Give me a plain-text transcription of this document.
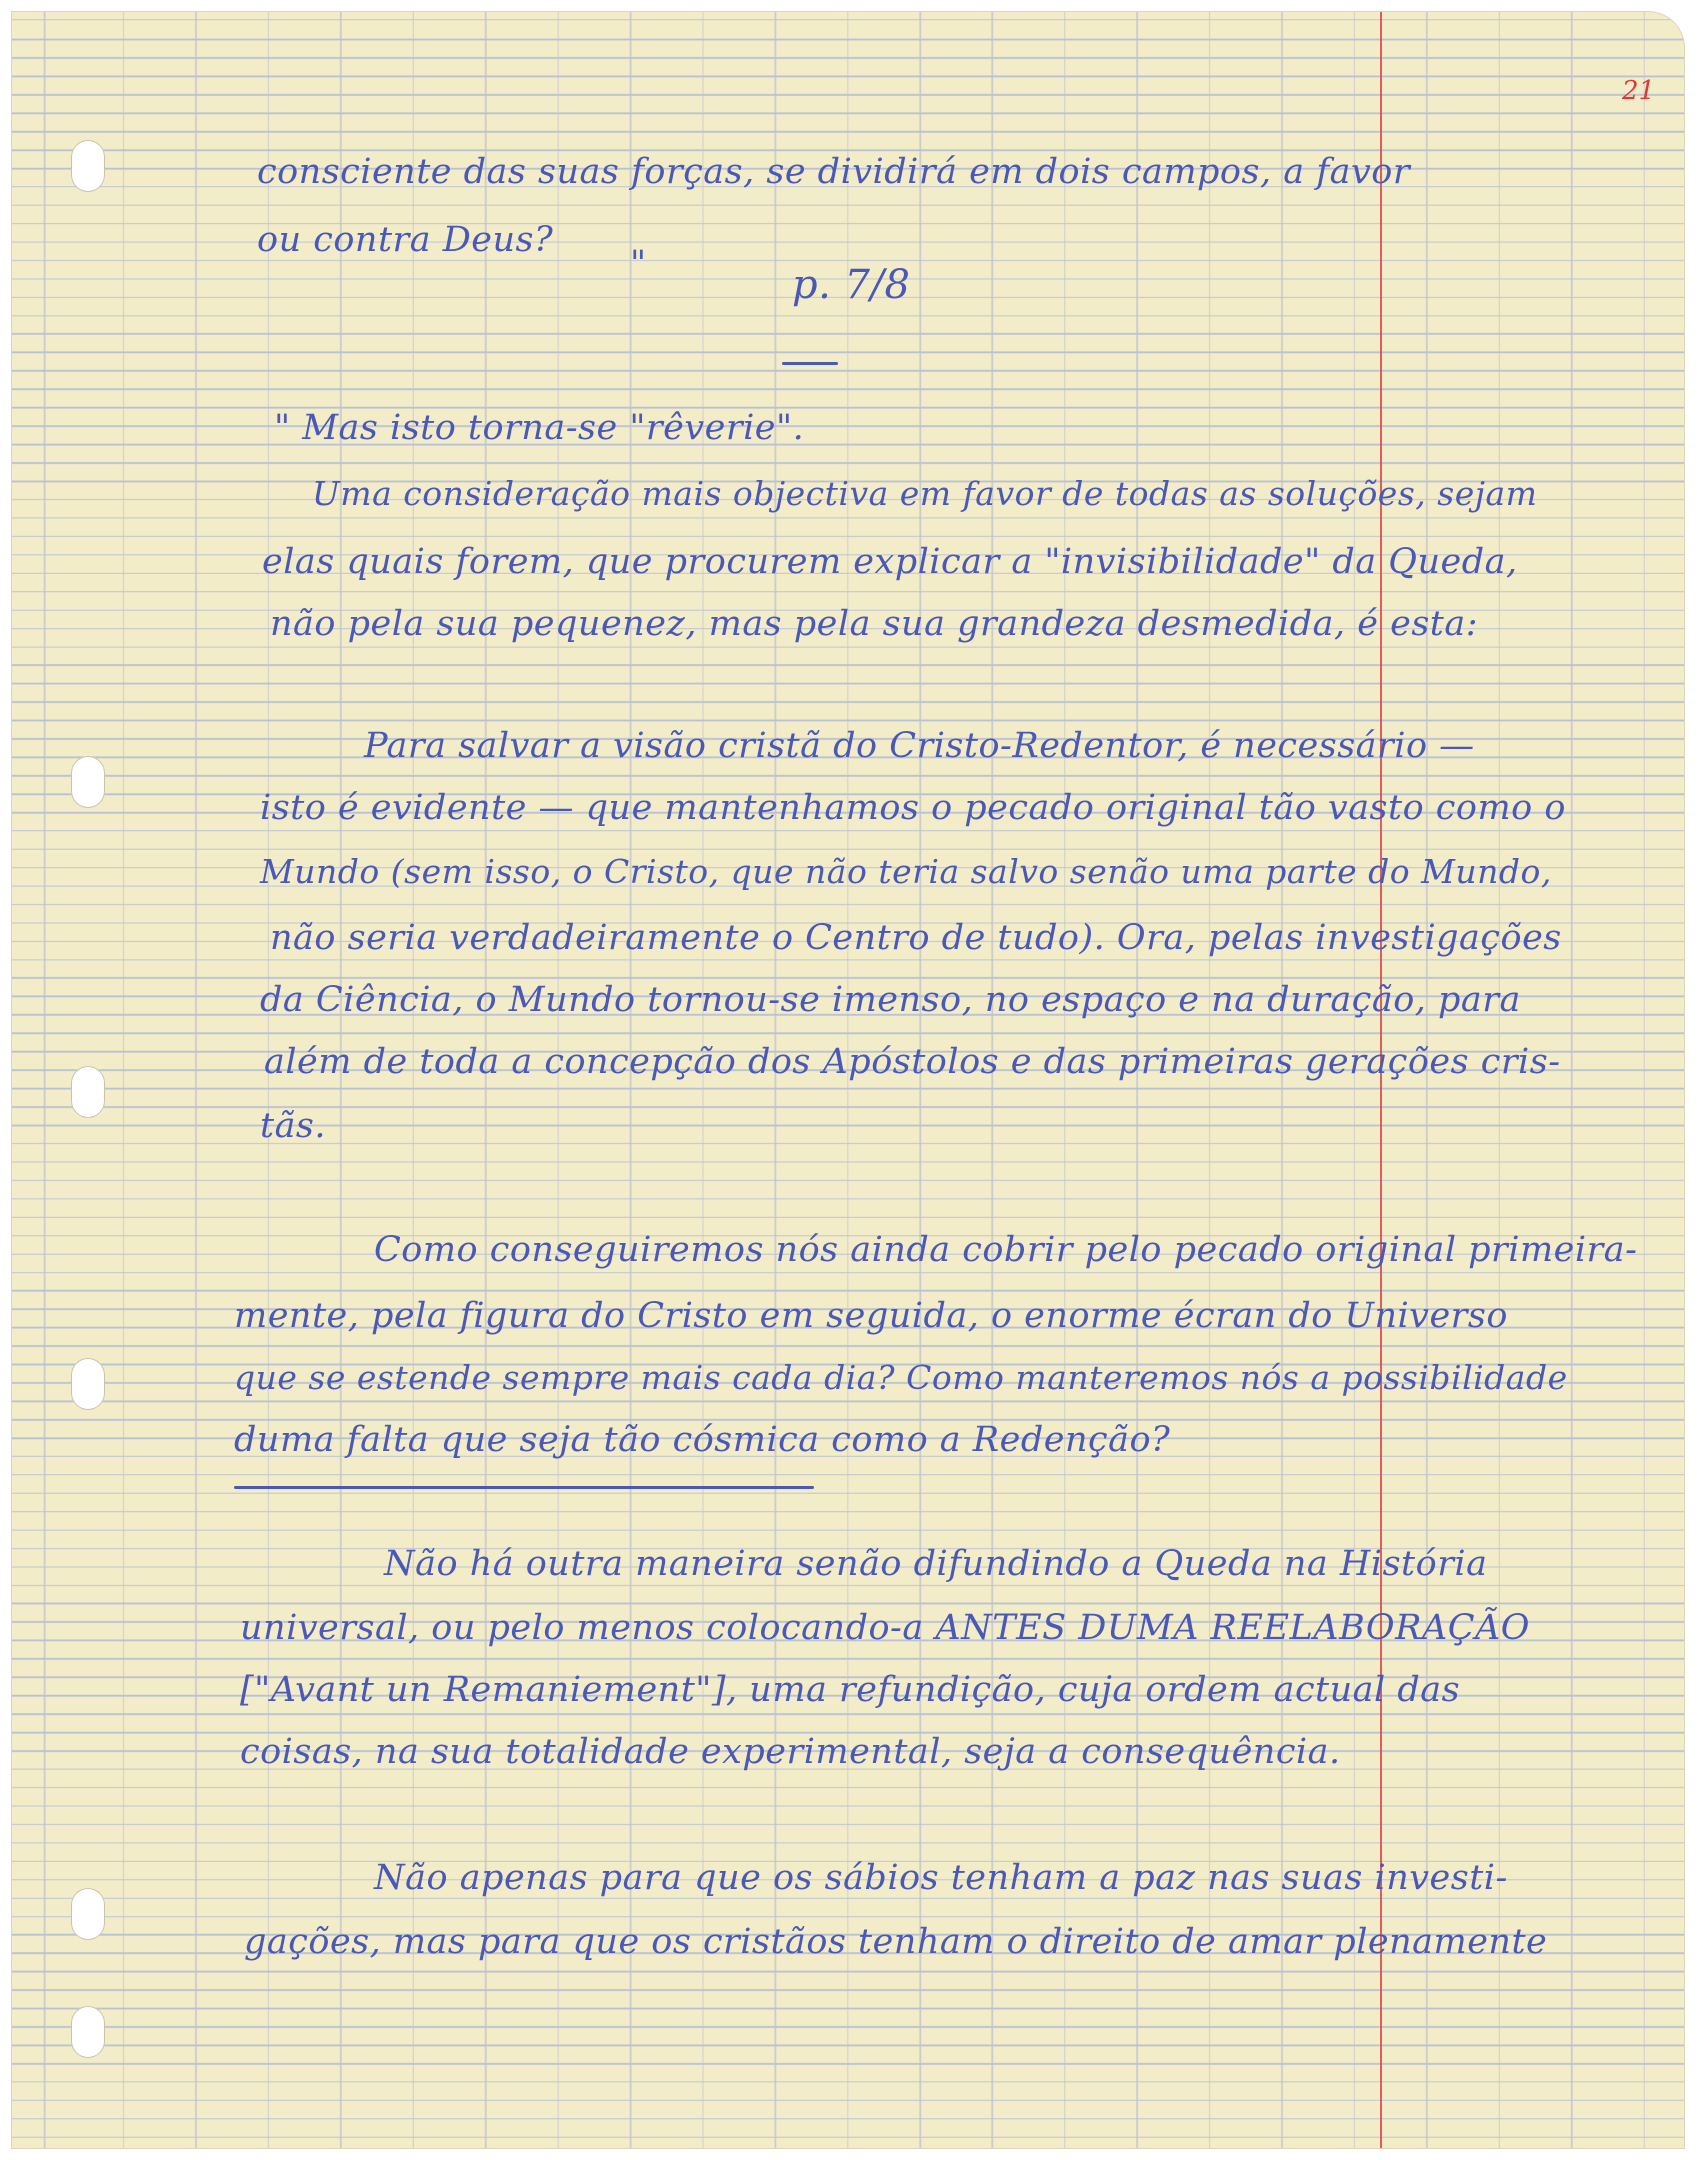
21
consciente das suas forças, se dividirá em dois campos, a favor
ou contra Deus?
"	p. 7/8
" Mas isto torna-se "rêverie".
Uma consideração mais objectiva em favor de todas as soluções, sejam
elas quais forem, que procurem explicar a "invisibilidade" da Queda,
não pela sua pequenez, mas pela sua grandeza desmedida, é esta:
Para salvar a visão cristã do Cristo-Redentor, é necessário —
isto é evidente — que mantenhamos o pecado original tão vasto como o
Mundo (sem isso, o Cristo, que não teria salvo senão uma parte do Mundo,
não seria verdadeiramente o Centro de tudo). Ora, pelas investigações
da Ciência, o Mundo tornou-se imenso, no espaço e na duração, para
além de toda a concepção dos Apóstolos e das primeiras gerações cris-
tãs.
Como conseguiremos nós ainda cobrir pelo pecado original primeira-
mente, pela figura do Cristo em seguida, o enorme écran do Universo
que se estende sempre mais cada dia? Como manteremos nós a possibilidade
duma falta que seja tão cósmica como a Redenção?
Não há outra maneira senão difundindo a Queda na História
universal, ou pelo menos colocando-a ANTES DUMA REELABORAÇÃO
["Avant un Remaniement"], uma refundição, cuja ordem actual das
coisas, na sua totalidade experimental, seja a consequência.
Não apenas para que os sábios tenham a paz nas suas investi-
gações, mas para que os cristãos tenham o direito de amar plenamente
